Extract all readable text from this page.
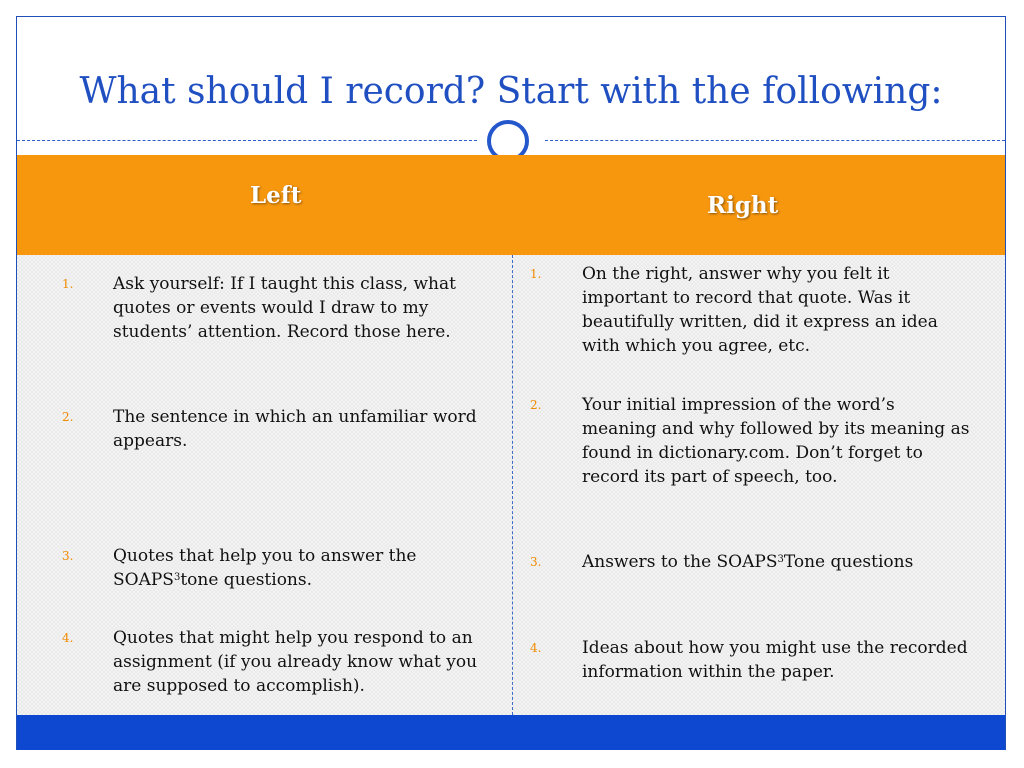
What should I record? Start with the following:
Left	Right
1. Ask yourself: If I taught this class, what quotes or events would I draw to my students’ attention. Record those here.
2. The sentence in which an unfamiliar word appears.
3. Quotes that help you to answer the SOAPS$^3$tone questions.
4. Quotes that might help you respond to an assignment (if you already know what you are supposed to accomplish).
1. On the right, answer why you felt it important to record that quote. Was it beautifully written, did it express an idea with which you agree, etc.
2. Your initial impression of the word’s meaning and why followed by its meaning as found in dictionary.com. Don’t forget to record its part of speech, too.
3. Answers to the SOAPS$^3$Tone questions
4. Ideas about how you might use the recorded information within the paper.
